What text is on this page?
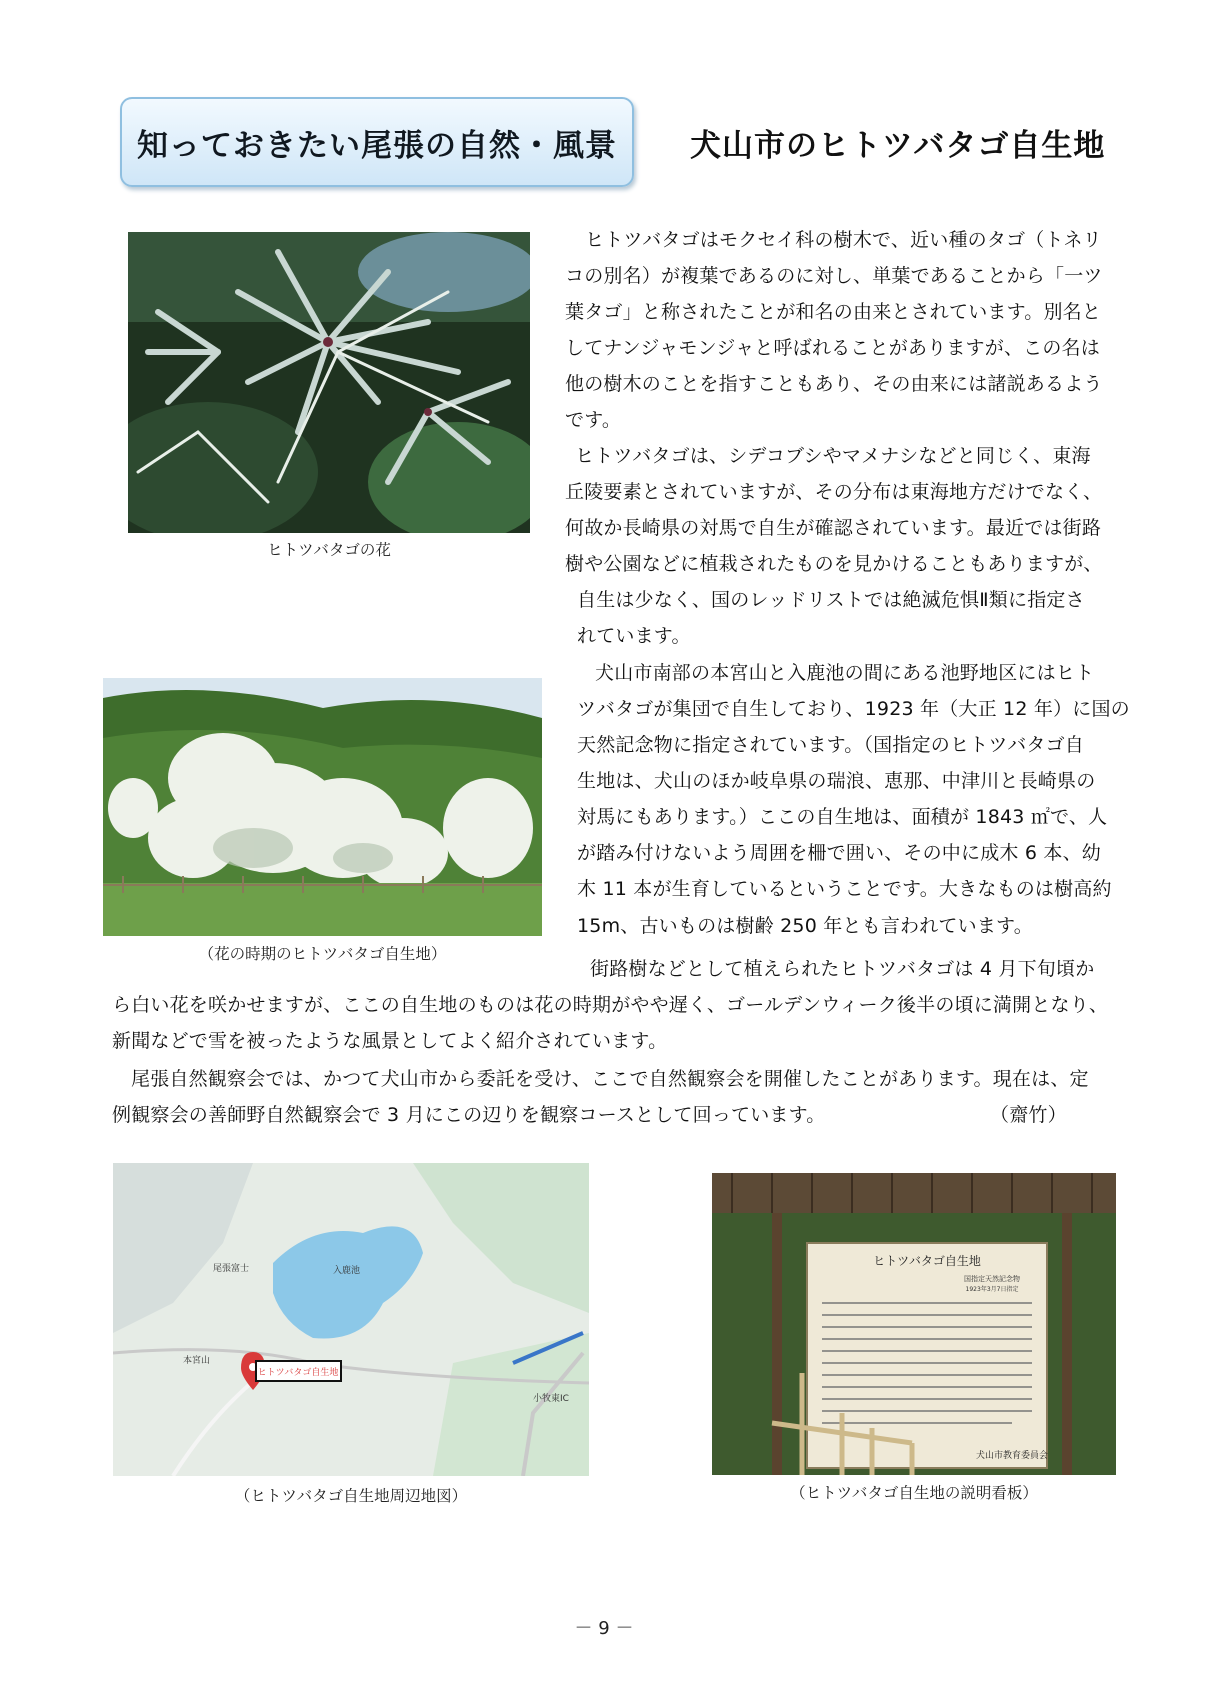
知っておきたい尾張の自然・風景 犬山市のヒトツバタゴ自生地
ヒトツバタゴの花
（花の時期のヒトツバタゴ自生地）
ヒトツバタゴはモクセイ科の樹木で、近い種のタゴ（トネリ
コの別名）が複葉であるのに対し、単葉であることから「一ツ
葉タゴ」と称されたことが和名の由来とされています。別名と
してナンジャモンジャと呼ばれることがありますが、この名は
他の樹木のことを指すこともあり、その由来には諸説あるよう
です。
ヒトツバタゴは、シデコブシやマメナシなどと同じく、東海
丘陵要素とされていますが、その分布は東海地方だけでなく、
何故か長崎県の対馬で自生が確認されています。最近では街路
樹や公園などに植栽されたものを見かけることもありますが、
自生は少なく、国のレッドリストでは絶滅危惧Ⅱ類に指定さ
れています。
犬山市南部の本宮山と入鹿池の間にある池野地区にはヒト
ツバタゴが集団で自生しており、1923 年（大正 12 年）に国の
天然記念物に指定されています。（国指定のヒトツバタゴ自
生地は、犬山のほか岐阜県の瑞浪、恵那、中津川と長崎県の
対馬にもあります。）ここの自生地は、面積が 1843 ㎡で、人
が踏み付けないよう周囲を柵で囲い、その中に成木 6 本、幼
木 11 本が生育しているということです。大きなものは樹高約
15m、古いものは樹齢 250 年とも言われています。
街路樹などとして植えられたヒトツバタゴは 4 月下旬頃か
ら白い花を咲かせますが、ここの自生地のものは花の時期がやや遅く、ゴールデンウィーク後半の頃に満開となり、
新聞などで雪を被ったような風景としてよく紹介されています。
尾張自然観察会では、かつて犬山市から委託を受け、ここで自然観察会を開催したことがあります。現在は、定
例観察会の善師野自然観察会で 3 月にこの辺りを観察コースとして回っています。	（齋竹）
ヒトツバタゴ自生地
入鹿池
尾張富士
本宮山
小牧東IC
（ヒトツバタゴ自生地周辺地図）
ヒトツバタゴ自生地
国指定天然記念物
1923年3月7日指定
犬山市教育委員会
（ヒトツバタゴ自生地の説明看板）
－ 9 －
